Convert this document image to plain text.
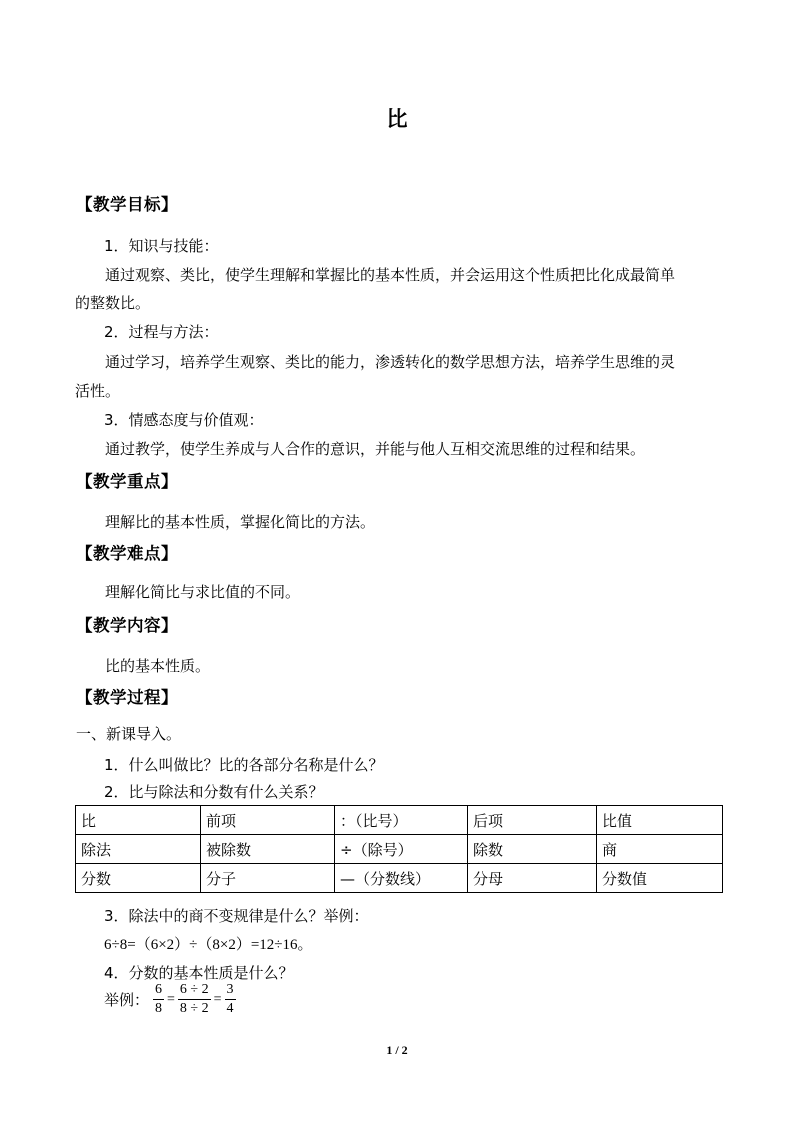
比
【教学目标】
1．知识与技能：
通过观察、类比，使学生理解和掌握比的基本性质，并会运用这个性质把比化成最简单
的整数比。
2．过程与方法：
通过学习，培养学生观察、类比的能力，渗透转化的数学思想方法，培养学生思维的灵
活性。
3．情感态度与价值观：
通过教学，使学生养成与人合作的意识，并能与他人互相交流思维的过程和结果。
【教学重点】
理解比的基本性质，掌握化简比的方法。
【教学难点】
理解化简比与求比值的不同。
【教学内容】
比的基本性质。
【教学过程】
一、新课导入。
1．什么叫做比？比的各部分名称是什么？
2．比与除法和分数有什么关系？
比	前项	：（比号）	后项	比值
除法	被除数	÷（除号）	除数	商
分数	分子	—（分数线）	分母	分数值
3．除法中的商不变规律是什么？举例：
6÷8=（6×2）÷（8×2）=12÷16。
4．分数的基本性质是什么？
举例： $\frac{6}{8} = \frac{6 \div 2}{8 \div 2} = \frac{3}{4}$
1 / 2
